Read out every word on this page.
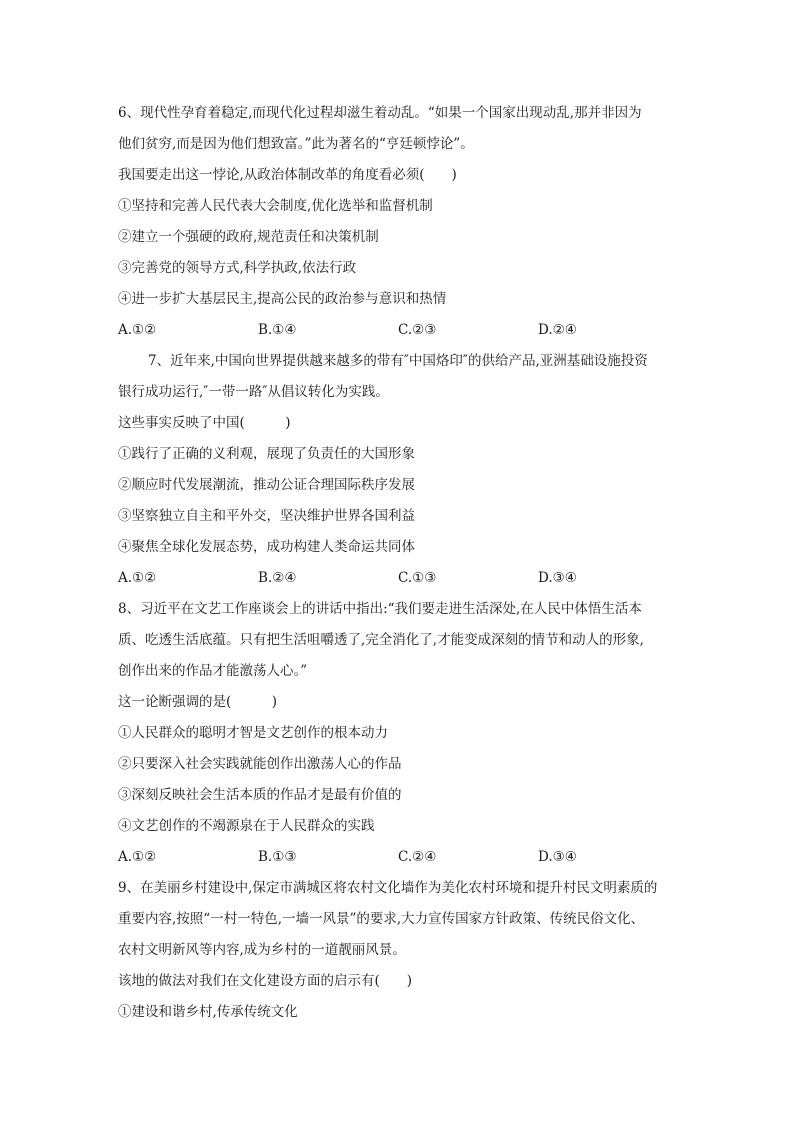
6、现代性孕育着稳定,而现代化过程却滋生着动乱。“如果一个国家出现动乱,那并非因为
他们贫穷,而是因为他们想致富。”此为著名的“亨廷顿悖论”。
我国要走出这一悖论,从政治体制改革的角度看必须(　　)
①坚持和完善人民代表大会制度,优化选举和监督机制
②建立一个强硬的政府,规范责任和决策机制
③完善党的领导方式,科学执政,依法行政
④进一步扩大基层民主,提高公民的政治参与意识和热情
A.①②	B.①④	C.②③	D.②④
7、近年来,中国向世界提供越来越多的带有″中国烙印″的供给产品,亚洲基础设施投资
银行成功运行,″一带一路″从倡议转化为实践。
这些事实反映了中国(　　　)
①践行了正确的义利观，展现了负责任的大国形象
②顺应时代发展潮流，推动公证合理国际秩序发展
③坚察独立自主和平外交，坚决维护世界各国利益
④聚焦全球化发展态势，成功构建人类命运共同体
A.①②	B.②④	C.①③	D.③④
8、习近平在文艺工作座谈会上的讲话中指出:“我们要走进生活深处,在人民中体悟生活本
质、吃透生活底蕴。只有把生活咀嚼透了,完全消化了,才能变成深刻的情节和动人的形象,
创作出来的作品才能激荡人心。”
这一论断强调的是(　　　)
①人民群众的聪明才智是文艺创作的根本动力
②只要深入社会实践就能创作出激荡人心的作品
③深刻反映社会生活本质的作品才是最有价值的
④文艺创作的不竭源泉在于人民群众的实践
A.①②	B.①③	C.②④	D.③④
9、在美丽乡村建设中,保定市满城区将农村文化墙作为美化农村环境和提升村民文明素质的
重要内容,按照“一村一特色,一墙一风景”的要求,大力宣传国家方针政策、传统民俗文化、
农村文明新风等内容,成为乡村的一道靓丽风景。
该地的做法对我们在文化建设方面的启示有(　　)
①建设和谐乡村,传承传统文化
